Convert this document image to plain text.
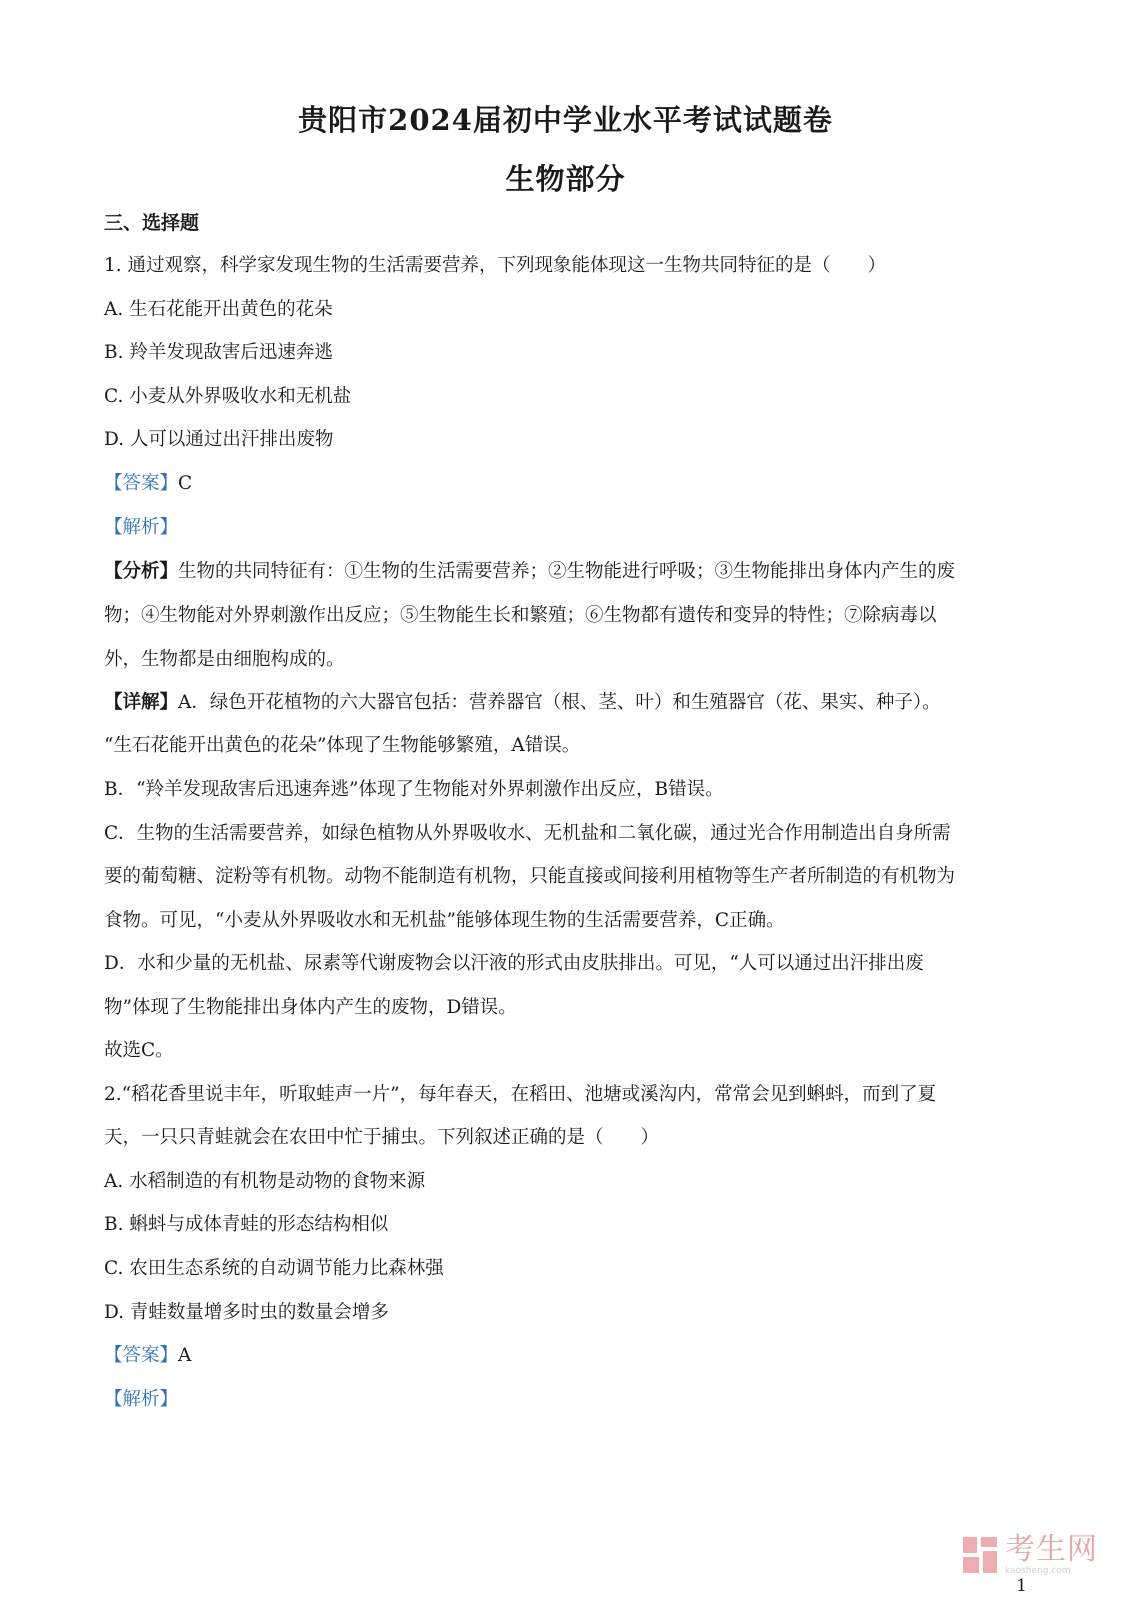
贵阳市2024届初中学业水平考试试题卷
生物部分
三、选择题
1. 通过观察，科学家发现生物的生活需要营养，下列现象能体现这一生物共同特征的是（　　）
A. 生石花能开出黄色的花朵
B. 羚羊发现敌害后迅速奔逃
C. 小麦从外界吸收水和无机盐
D. 人可以通过出汗排出废物
【答案】C
【解析】
【分析】生物的共同特征有：①生物的生活需要营养；②生物能进行呼吸；③生物能排出身体内产生的废
物；④生物能对外界刺激作出反应；⑤生物能生长和繁殖；⑥生物都有遗传和变异的特性；⑦除病毒以
外，生物都是由细胞构成的。
【详解】A．绿色开花植物的六大器官包括：营养器官（根、茎、叶）和生殖器官（花、果实、种子）。
“生石花能开出黄色的花朵”体现了生物能够繁殖，A错误。
B．“羚羊发现敌害后迅速奔逃”体现了生物能对外界刺激作出反应，B错误。
C．生物的生活需要营养，如绿色植物从外界吸收水、无机盐和二氧化碳，通过光合作用制造出自身所需
要的葡萄糖、淀粉等有机物。动物不能制造有机物，只能直接或间接利用植物等生产者所制造的有机物为
食物。可见，“小麦从外界吸收水和无机盐”能够体现生物的生活需要营养，C正确。
D．水和少量的无机盐、尿素等代谢废物会以汗液的形式由皮肤排出。可见，“人可以通过出汗排出废
物”体现了生物能排出身体内产生的废物，D错误。
故选C。
2.“稻花香里说丰年，听取蛙声一片”，每年春天，在稻田、池塘或溪沟内，常常会见到蝌蚪，而到了夏
天，一只只青蛙就会在农田中忙于捕虫。下列叙述正确的是（　　）
A. 水稻制造的有机物是动物的食物来源
B. 蝌蚪与成体青蛙的形态结构相似
C. 农田生态系统的自动调节能力比森林强
D. 青蛙数量增多时虫的数量会增多
【答案】A
【解析】
考生网
kaosheng.com
1
